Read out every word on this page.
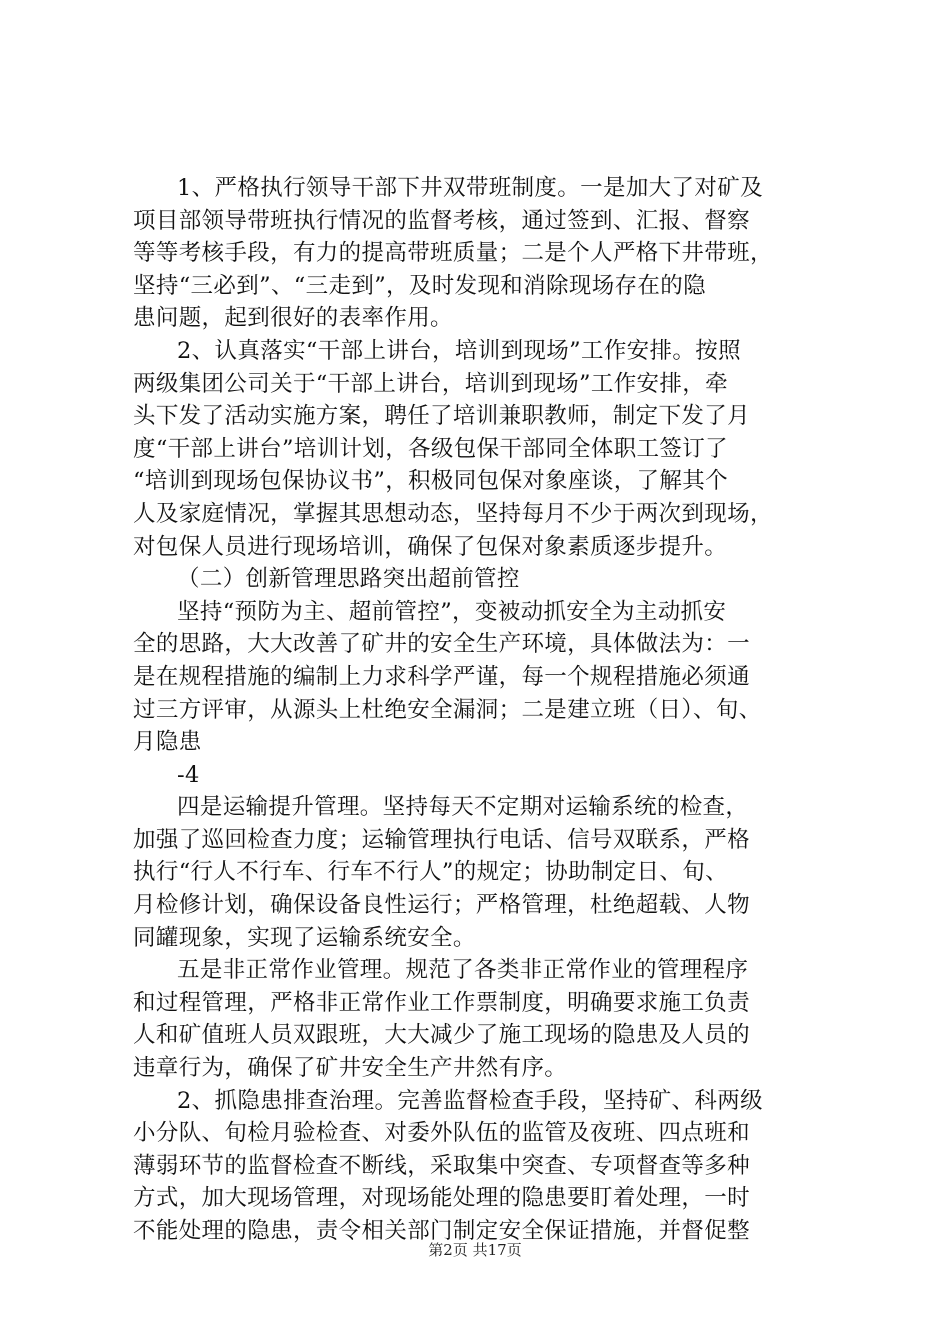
1、严格执行领导干部下井双带班制度。一是加大了对矿及
项目部领导带班执行情况的监督考核，通过签到、汇报、督察
等等考核手段，有力的提高带班质量；二是个人严格下井带班，
坚持“三必到”、“三走到”，及时发现和消除现场存在的隐
患问题，起到很好的表率作用。
2、认真落实“干部上讲台，培训到现场”工作安排。按照
两级集团公司关于“干部上讲台，培训到现场”工作安排，牵
头下发了活动实施方案，聘任了培训兼职教师，制定下发了月
度“干部上讲台”培训计划，各级包保干部同全体职工签订了
“培训到现场包保协议书”，积极同包保对象座谈，了解其个
人及家庭情况，掌握其思想动态，坚持每月不少于两次到现场，
对包保人员进行现场培训，确保了包保对象素质逐步提升。
（二）创新管理思路突出超前管控
坚持“预防为主、超前管控”，变被动抓安全为主动抓安
全的思路，大大改善了矿井的安全生产环境，具体做法为：一
是在规程措施的编制上力求科学严谨，每一个规程措施必须通
过三方评审，从源头上杜绝安全漏洞；二是建立班（日）、旬、
月隐患
-4
四是运输提升管理。坚持每天不定期对运输系统的检查，
加强了巡回检查力度；运输管理执行电话、信号双联系，严格
执行“行人不行车、行车不行人”的规定；协助制定日、旬、
月检修计划，确保设备良性运行；严格管理，杜绝超载、人物
同罐现象，实现了运输系统安全。
五是非正常作业管理。规范了各类非正常作业的管理程序
和过程管理，严格非正常作业工作票制度，明确要求施工负责
人和矿值班人员双跟班，大大减少了施工现场的隐患及人员的
违章行为，确保了矿井安全生产井然有序。
2、抓隐患排查治理。完善监督检查手段，坚持矿、科两级
小分队、旬检月验检查、对委外队伍的监管及夜班、四点班和
薄弱环节的监督检查不断线，采取集中突查、专项督查等多种
方式，加大现场管理，对现场能处理的隐患要盯着处理，一时
不能处理的隐患，责令相关部门制定安全保证措施，并督促整
第2页 共17页
